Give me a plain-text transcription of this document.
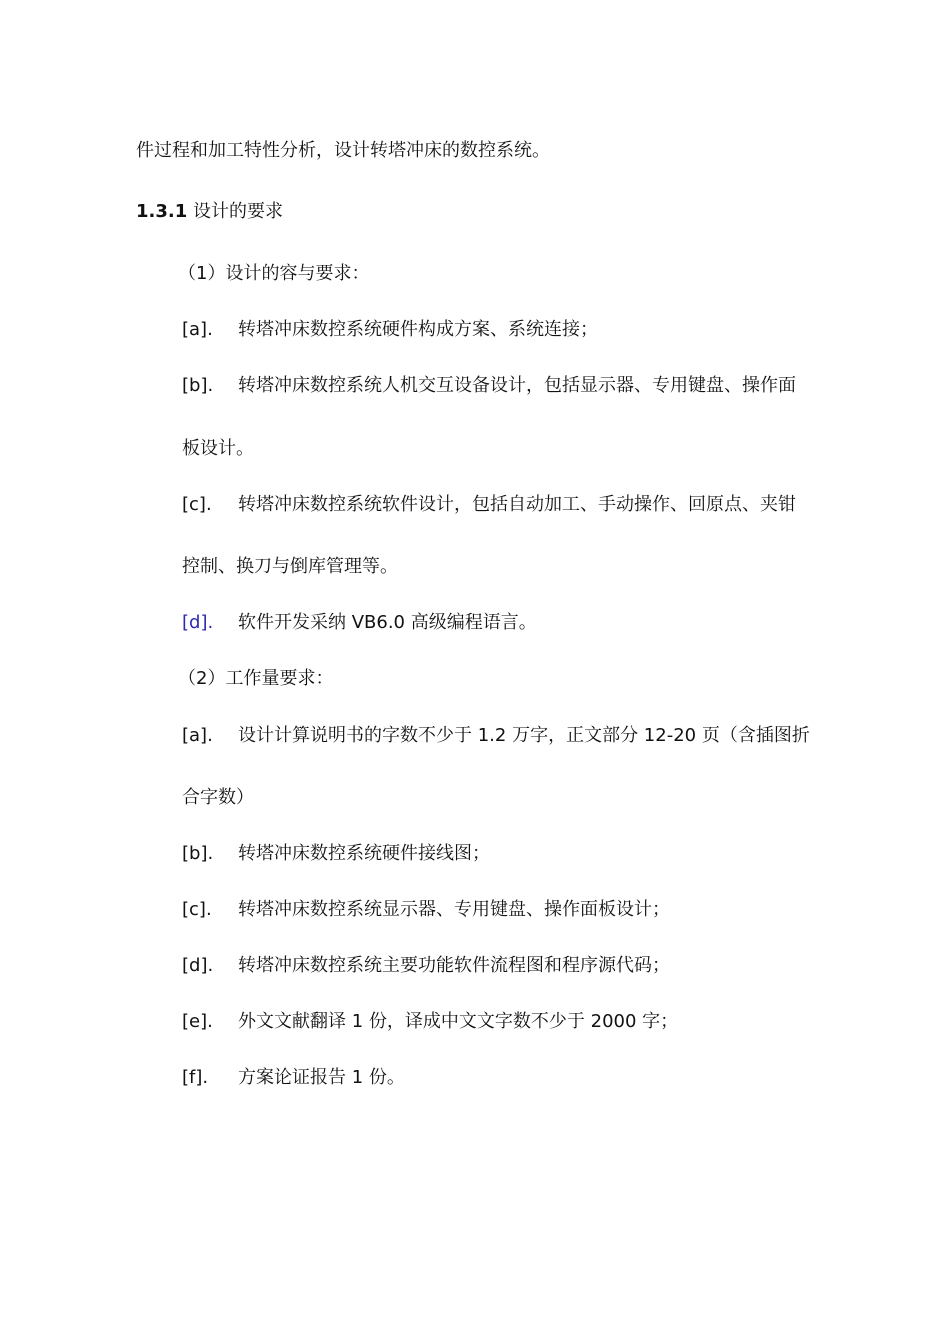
件过程和加工特性分析，设计转塔冲床的数控系统。
1.3.1 设计的要求
（1）设计的容与要求：
[a]. 转塔冲床数控系统硬件构成方案、系统连接；
[b]. 转塔冲床数控系统人机交互设备设计，包括显示器、专用键盘、操作面
板设计。
[c]. 转塔冲床数控系统软件设计，包括自动加工、手动操作、回原点、夹钳
控制、换刀与倒库管理等。
[d]. 软件开发采纳 VB6.0 高级编程语言。
（2）工作量要求：
[a]. 设计计算说明书的字数不少于 1.2 万字，正文部分 12-20 页（含插图折
合字数）
[b]. 转塔冲床数控系统硬件接线图；
[c]. 转塔冲床数控系统显示器、专用键盘、操作面板设计；
[d]. 转塔冲床数控系统主要功能软件流程图和程序源代码；
[e]. 外文文献翻译 1 份，译成中文文字数不少于 2000 字；
[f]. 方案论证报告 1 份。
